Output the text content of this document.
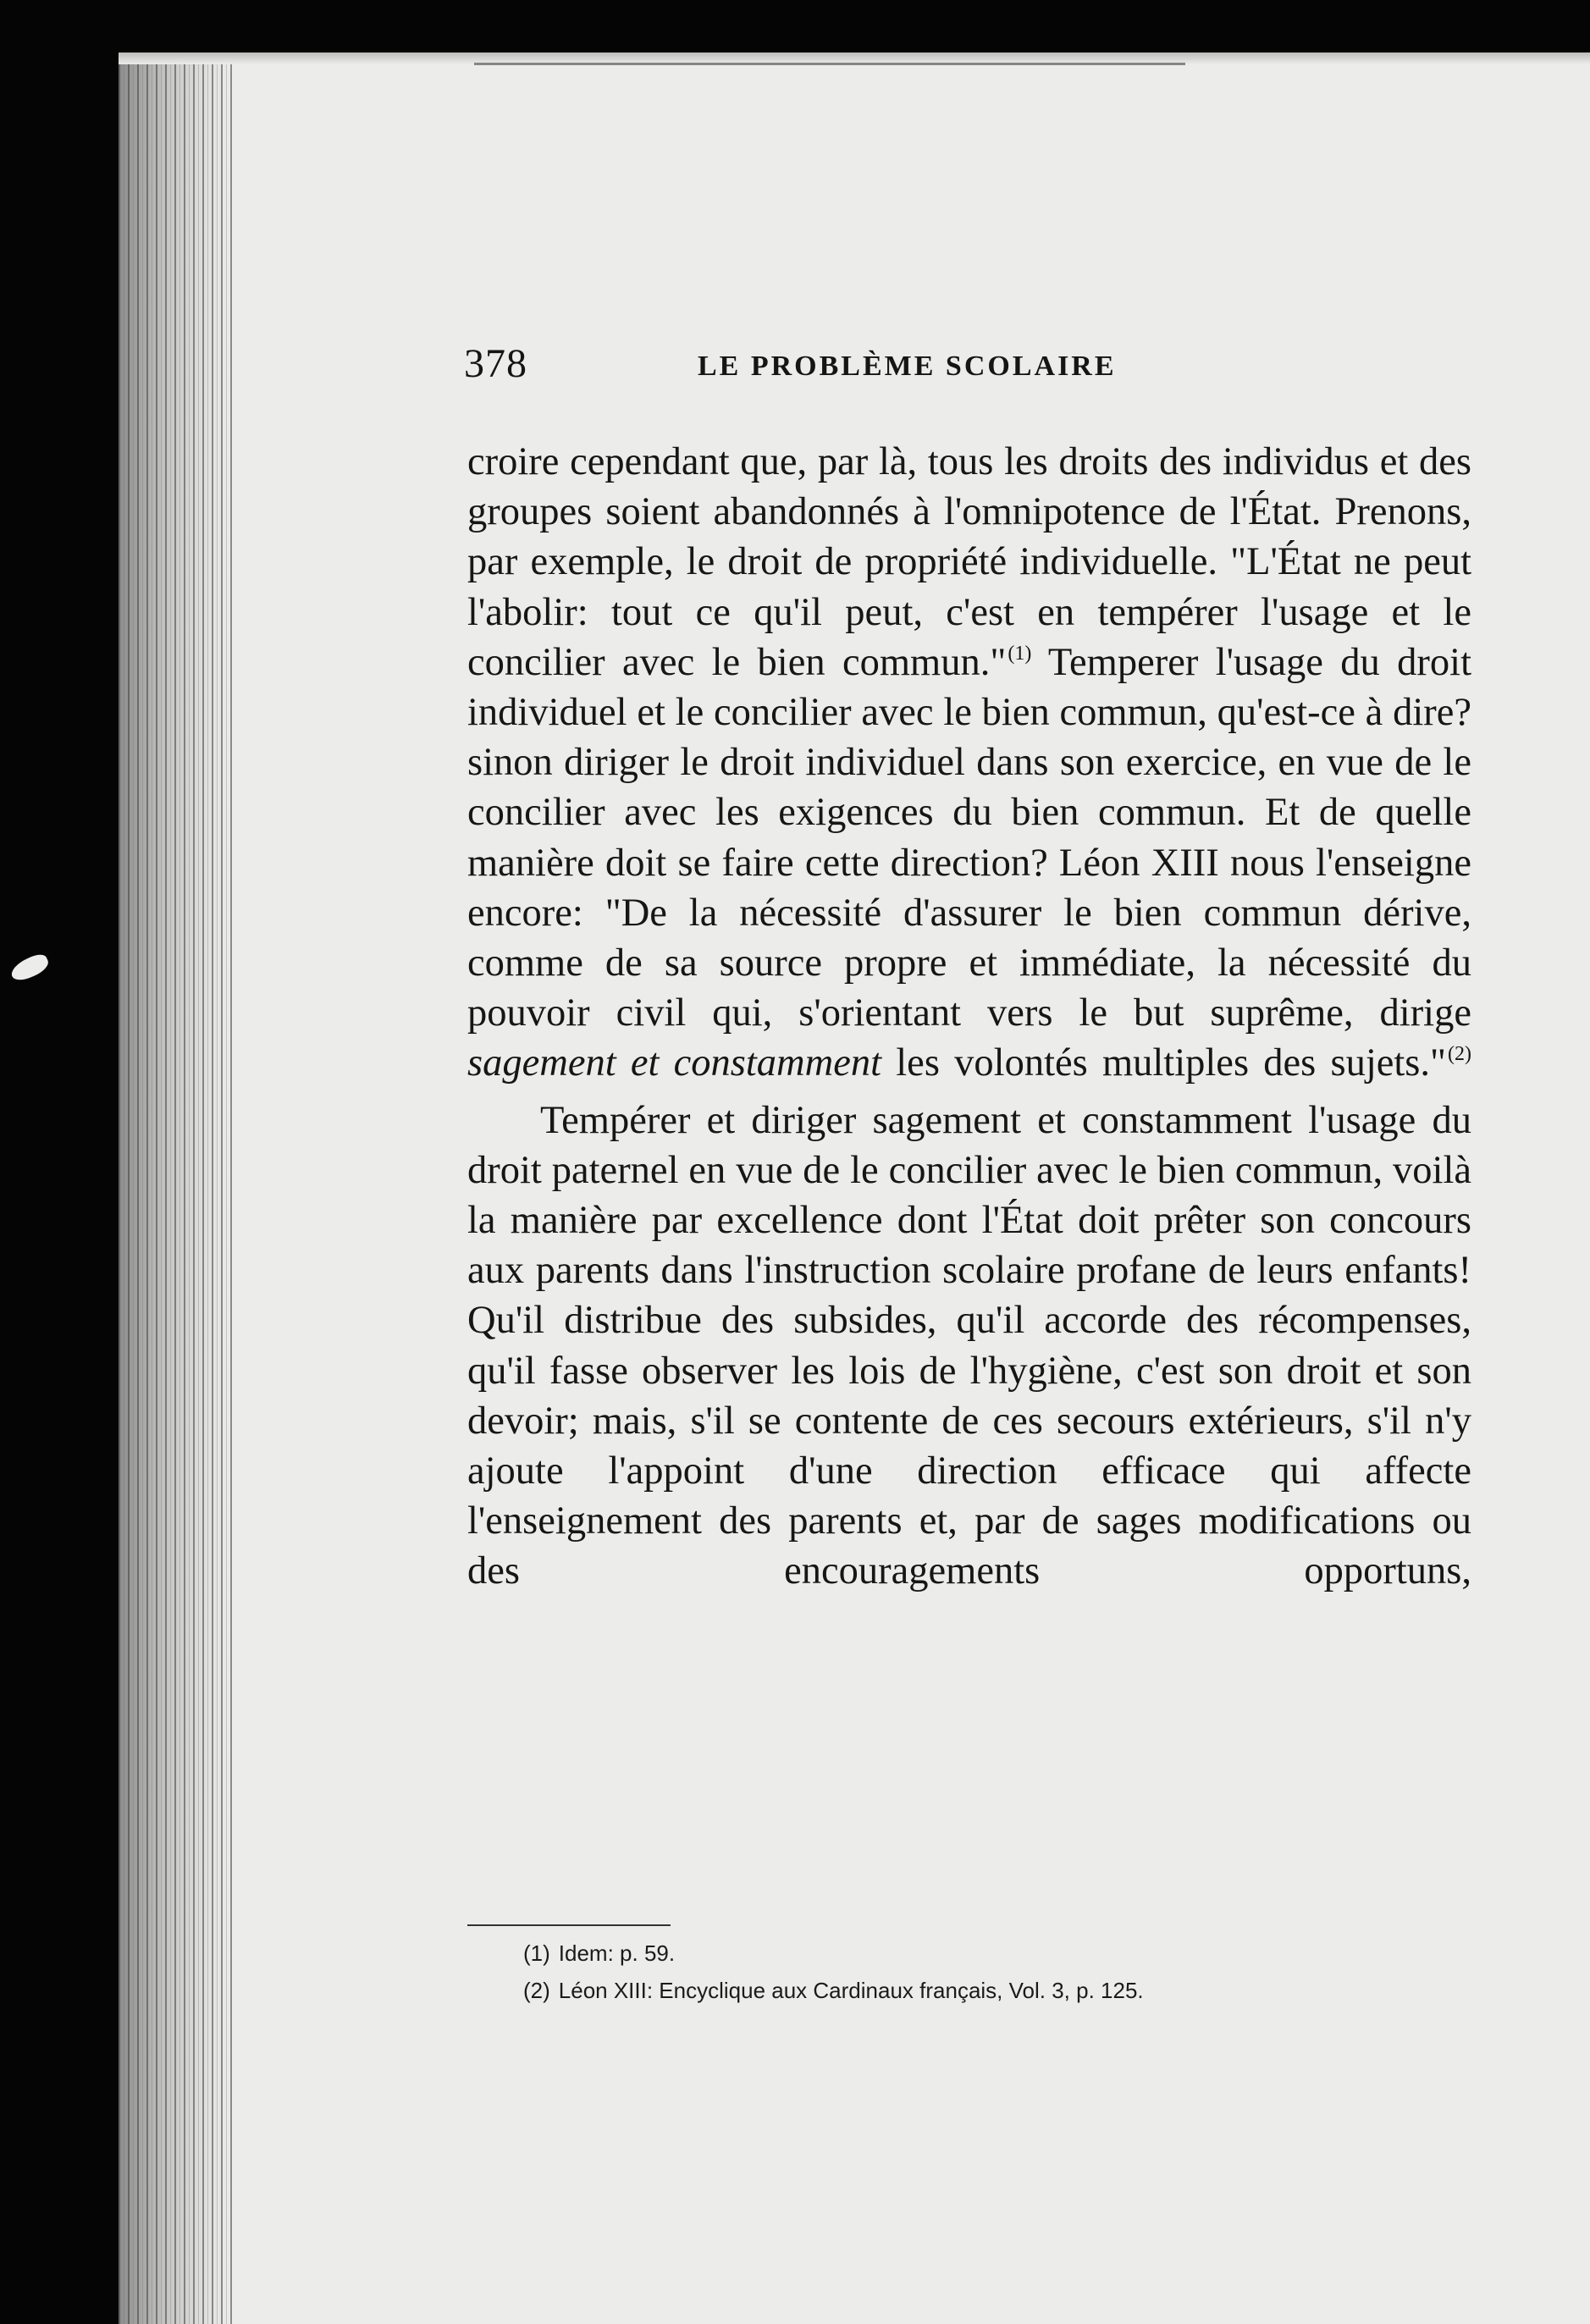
378	LE PROBLÈME SCOLAIRE

croire cependant que, par là, tous les droits des individus et des groupes soient abandonnés à l'omnipotence de l'État. Prenons, par exemple, le droit de propriété individuelle. "L'État ne peut l'abolir: tout ce qu'il peut, c'est en tempérer l'usage et le concilier avec le bien commun."$^{(1)}$ Temperer l'usage du droit individuel et le concilier avec le bien commun, qu'est-ce à dire? sinon diriger le droit individuel dans son exercice, en vue de le concilier avec les exigences du bien commun. Et de quelle manière doit se faire cette direction? Léon XIII nous l'enseigne encore: "De la nécessité d'assurer le bien commun dérive, comme de sa source propre et immédiate, la nécessité du pouvoir civil qui, s'orientant vers le but suprême, dirige sagement et constamment les volontés multiples des sujets."$^{(2)}$

Tempérer et diriger sagement et constamment l'usage du droit paternel en vue de le concilier avec le bien commun, voilà la manière par excellence dont l'État doit prêter son concours aux parents dans l'instruction scolaire profane de leurs enfants! Qu'il distribue des subsides, qu'il accorde des récompenses, qu'il fasse observer les lois de l'hygiène, c'est son droit et son devoir; mais, s'il se contente de ces secours extérieurs, s'il n'y ajoute l'appoint d'une direction efficace qui affecte l'enseignement des parents et, par de sages modifications ou des encouragements opportuns,

(1) Idem: p. 59.
(2) Léon XIII: Encyclique aux Cardinaux français, Vol. 3, p. 125.
